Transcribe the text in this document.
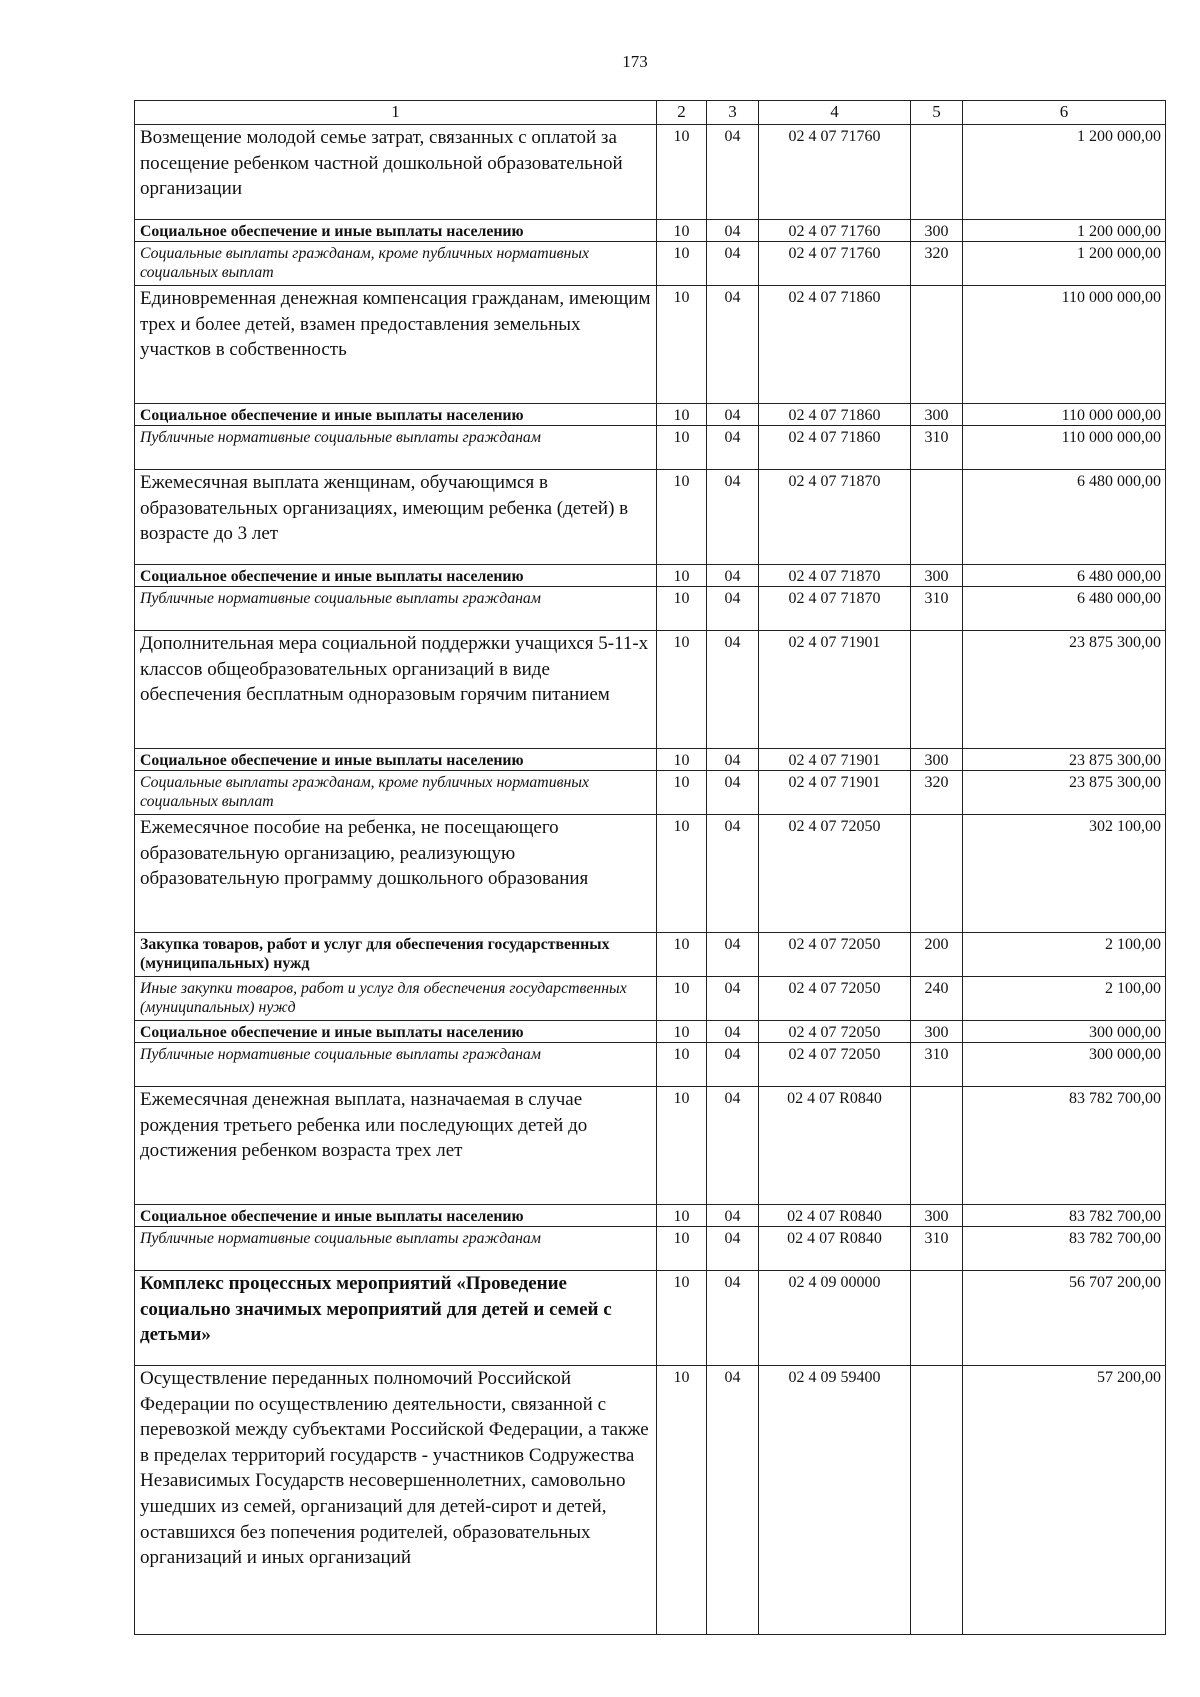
173
1	2	3	4	5	6
Возмещение молодой семье затрат, связанных с оплатой за посещение ребенком частной дошкольной образовательной организации	10	04	02 4 07 71760		1 200 000,00
Социальное обеспечение и иные выплаты населению	10	04	02 4 07 71760	300	1 200 000,00
Социальные выплаты гражданам, кроме публичных нормативных социальных выплат	10	04	02 4 07 71760	320	1 200 000,00
Единовременная денежная компенсация гражданам, имеющим трех и более детей, взамен предоставления земельных участков в собственность	10	04	02 4 07 71860		110 000 000,00
Социальное обеспечение и иные выплаты населению	10	04	02 4 07 71860	300	110 000 000,00
Публичные нормативные социальные выплаты гражданам	10	04	02 4 07 71860	310	110 000 000,00
Ежемесячная выплата женщинам, обучающимся в образовательных организациях, имеющим ребенка (детей) в возрасте до 3 лет	10	04	02 4 07 71870		6 480 000,00
Социальное обеспечение и иные выплаты населению	10	04	02 4 07 71870	300	6 480 000,00
Публичные нормативные социальные выплаты гражданам	10	04	02 4 07 71870	310	6 480 000,00
Дополнительная мера социальной поддержки учащихся 5-11-х классов общеобразовательных организаций в виде обеспечения бесплатным одноразовым горячим питанием	10	04	02 4 07 71901		23 875 300,00
Социальное обеспечение и иные выплаты населению	10	04	02 4 07 71901	300	23 875 300,00
Социальные выплаты гражданам, кроме публичных нормативных социальных выплат	10	04	02 4 07 71901	320	23 875 300,00
Ежемесячное пособие на ребенка, не посещающего образовательную организацию, реализующую образовательную программу дошкольного образования	10	04	02 4 07 72050		302 100,00
Закупка товаров, работ и услуг для обеспечения государственных (муниципальных) нужд	10	04	02 4 07 72050	200	2 100,00
Иные закупки товаров, работ и услуг для обеспечения государственных (муниципальных) нужд	10	04	02 4 07 72050	240	2 100,00
Социальное обеспечение и иные выплаты населению	10	04	02 4 07 72050	300	300 000,00
Публичные нормативные социальные выплаты гражданам	10	04	02 4 07 72050	310	300 000,00
Ежемесячная денежная выплата, назначаемая в случае рождения третьего ребенка или последующих детей до достижения ребенком возраста трех лет	10	04	02 4 07 R0840		83 782 700,00
Социальное обеспечение и иные выплаты населению	10	04	02 4 07 R0840	300	83 782 700,00
Публичные нормативные социальные выплаты гражданам	10	04	02 4 07 R0840	310	83 782 700,00
Комплекс процессных мероприятий «Проведение социально значимых мероприятий для детей и семей с детьми»	10	04	02 4 09 00000		56 707 200,00
Осуществление переданных полномочий Российской Федерации по осуществлению деятельности, связанной с перевозкой между субъектами Российской Федерации, а также в пределах территорий государств - участников Содружества Независимых Государств несовершеннолетних, самовольно ушедших из семей, организаций для детей-сирот и детей, оставшихся без попечения родителей, образовательных организаций и иных организаций	10	04	02 4 09 59400		57 200,00
